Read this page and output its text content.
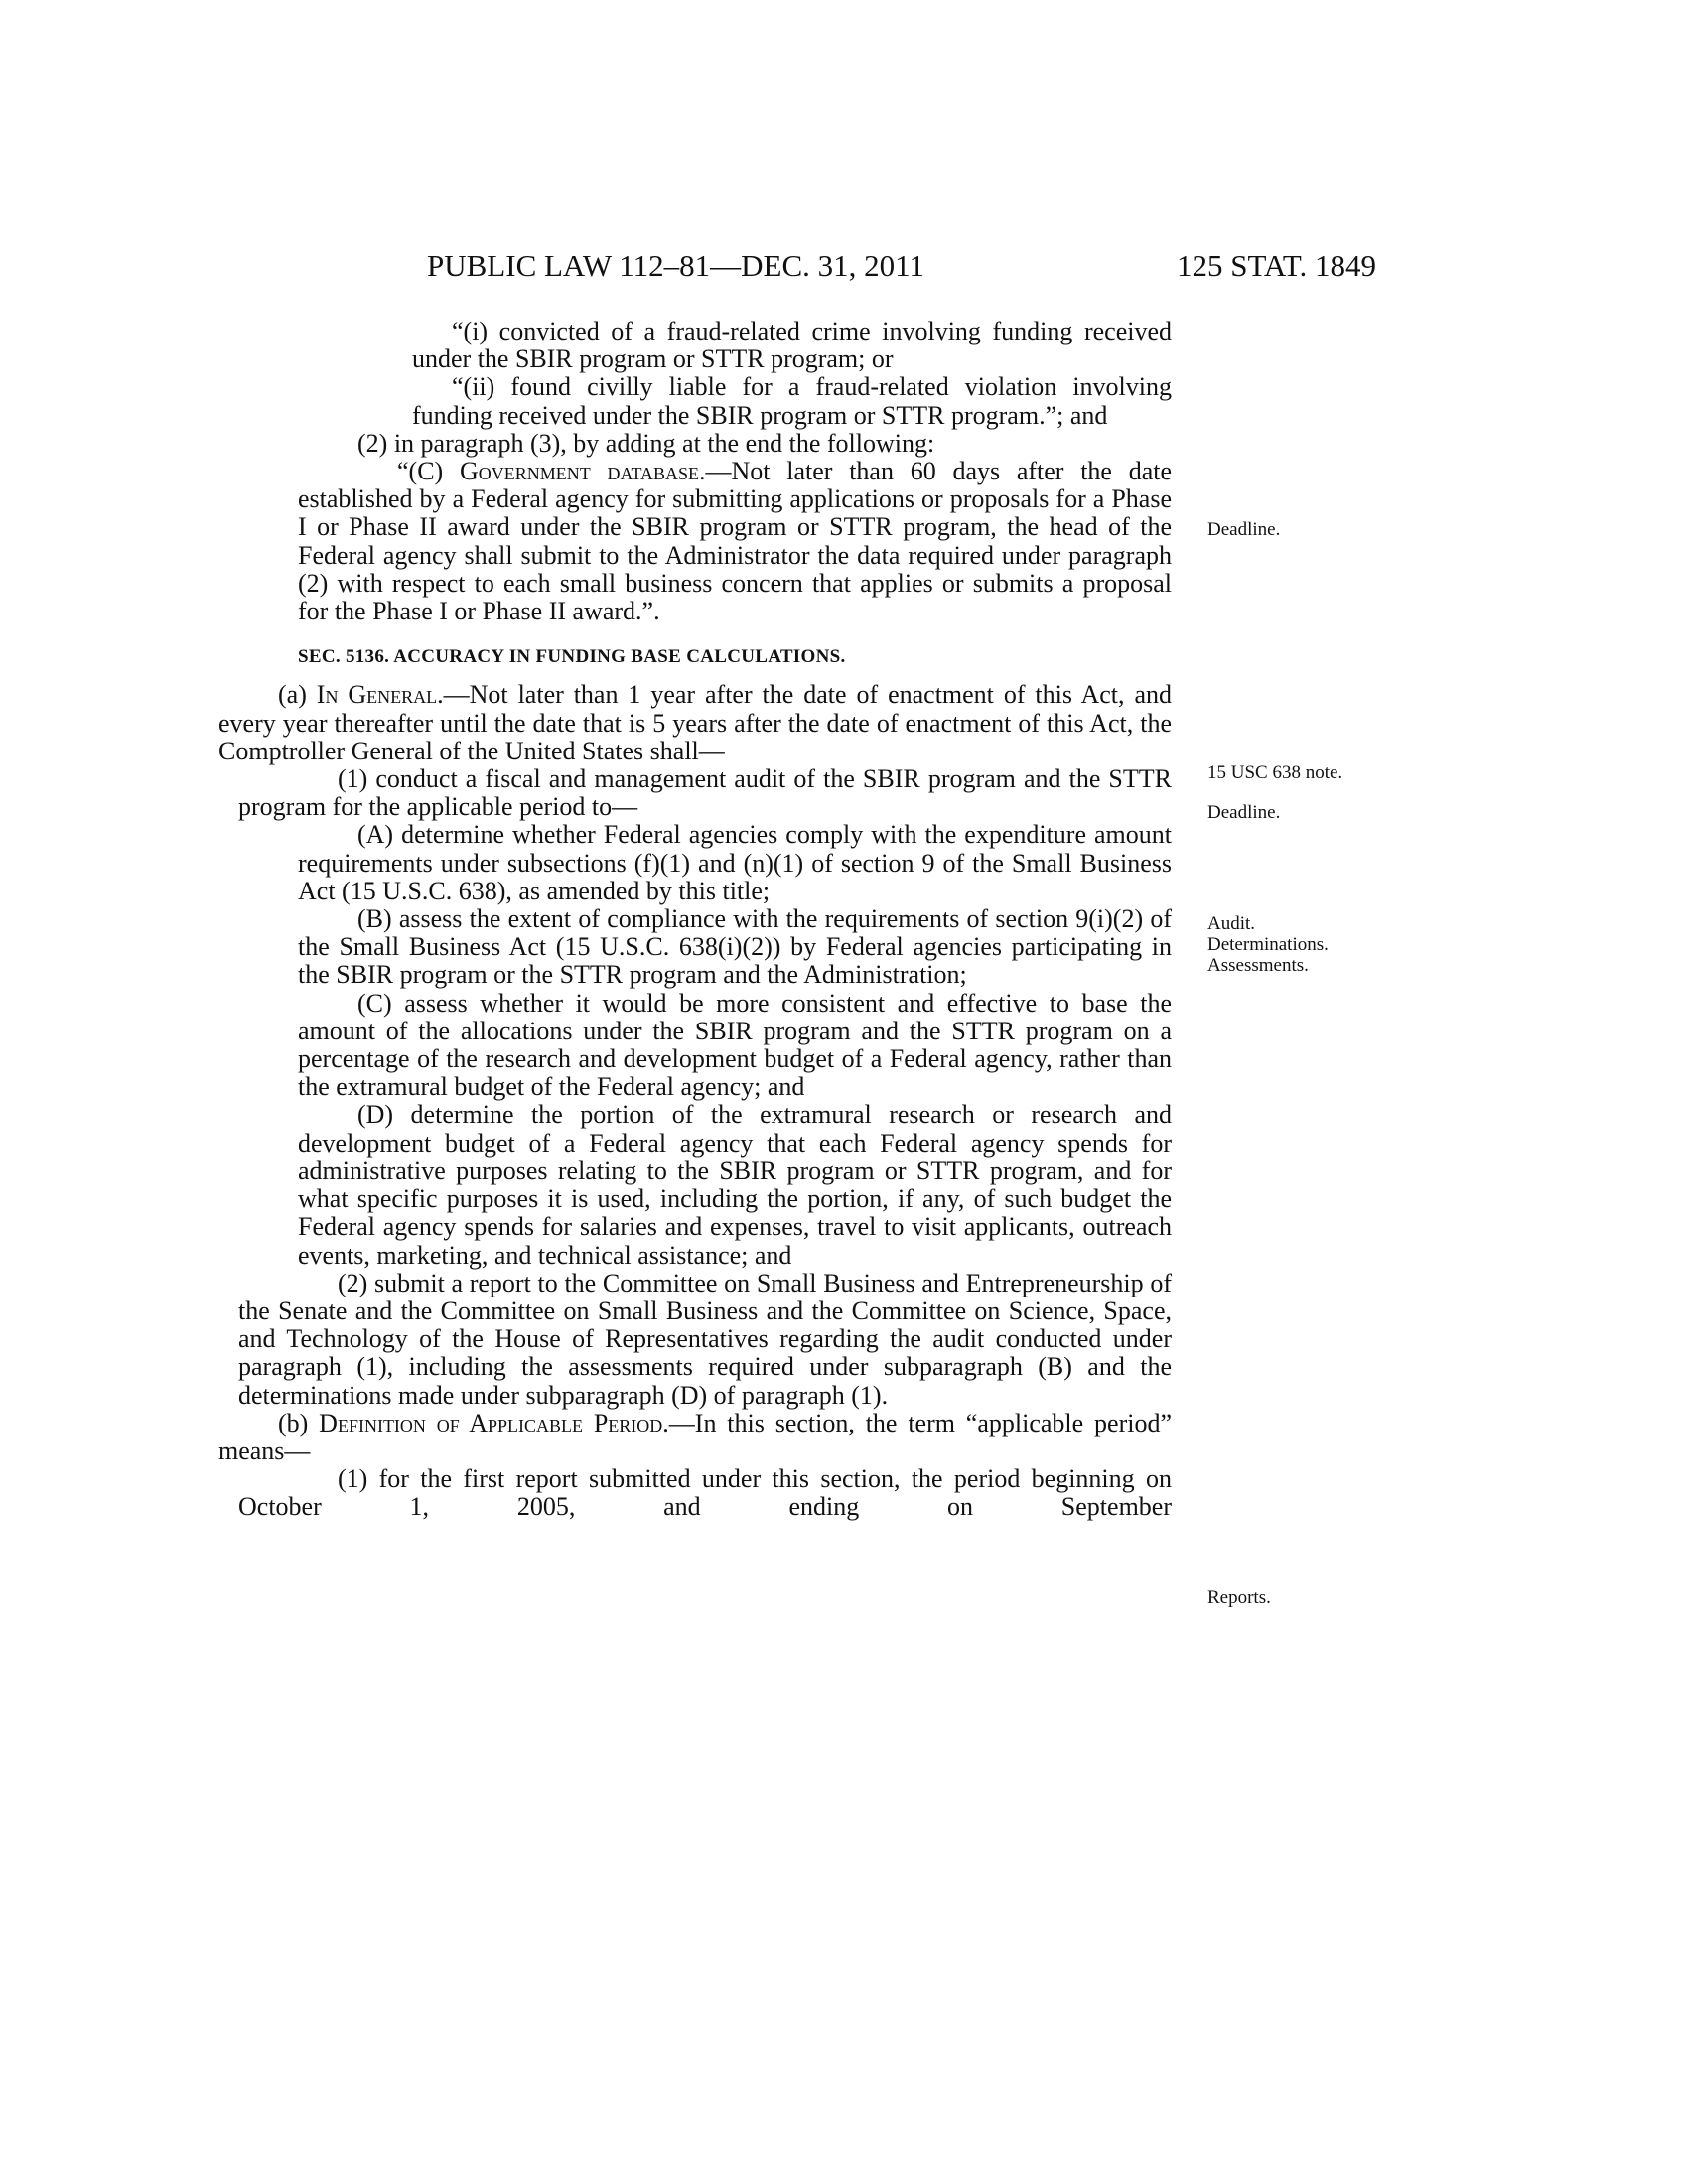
PUBLIC LAW 112–81—DEC. 31, 2011	125 STAT. 1849

“(i) convicted of a fraud-related crime involving funding received under the SBIR program or STTR program; or

“(ii) found civilly liable for a fraud-related violation involving funding received under the SBIR program or STTR program.”; and

(2) in paragraph (3), by adding at the end the following:

“(C) Government database.—Not later than 60 days after the date established by a Federal agency for submitting applications or proposals for a Phase I or Phase II award under the SBIR program or STTR program, the head of the Federal agency shall submit to the Administrator the data required under paragraph (2) with respect to each small business concern that applies or submits a proposal for the Phase I or Phase II award.”.

SEC. 5136. ACCURACY IN FUNDING BASE CALCULATIONS.

(a) In General.—Not later than 1 year after the date of enactment of this Act, and every year thereafter until the date that is 5 years after the date of enactment of this Act, the Comptroller General of the United States shall—

(1) conduct a fiscal and management audit of the SBIR program and the STTR program for the applicable period to—

(A) determine whether Federal agencies comply with the expenditure amount requirements under subsections (f)(1) and (n)(1) of section 9 of the Small Business Act (15 U.S.C. 638), as amended by this title;

(B) assess the extent of compliance with the requirements of section 9(i)(2) of the Small Business Act (15 U.S.C. 638(i)(2)) by Federal agencies participating in the SBIR program or the STTR program and the Administration;

(C) assess whether it would be more consistent and effective to base the amount of the allocations under the SBIR program and the STTR program on a percentage of the research and development budget of a Federal agency, rather than the extramural budget of the Federal agency; and

(D) determine the portion of the extramural research or research and development budget of a Federal agency that each Federal agency spends for administrative purposes relating to the SBIR program or STTR program, and for what specific purposes it is used, including the portion, if any, of such budget the Federal agency spends for salaries and expenses, travel to visit applicants, outreach events, marketing, and technical assistance; and

(2) submit a report to the Committee on Small Business and Entrepreneurship of the Senate and the Committee on Small Business and the Committee on Science, Space, and Technology of the House of Representatives regarding the audit conducted under paragraph (1), including the assessments required under subparagraph (B) and the determinations made under subparagraph (D) of paragraph (1).

(b) Definition of Applicable Period.—In this section, the term “applicable period” means—

(1) for the first report submitted under this section, the period beginning on October 1, 2005, and ending on September

Deadline.
15 USC 638 note.
Deadline.
Audit.
Determinations.
Assessments.
Reports.
